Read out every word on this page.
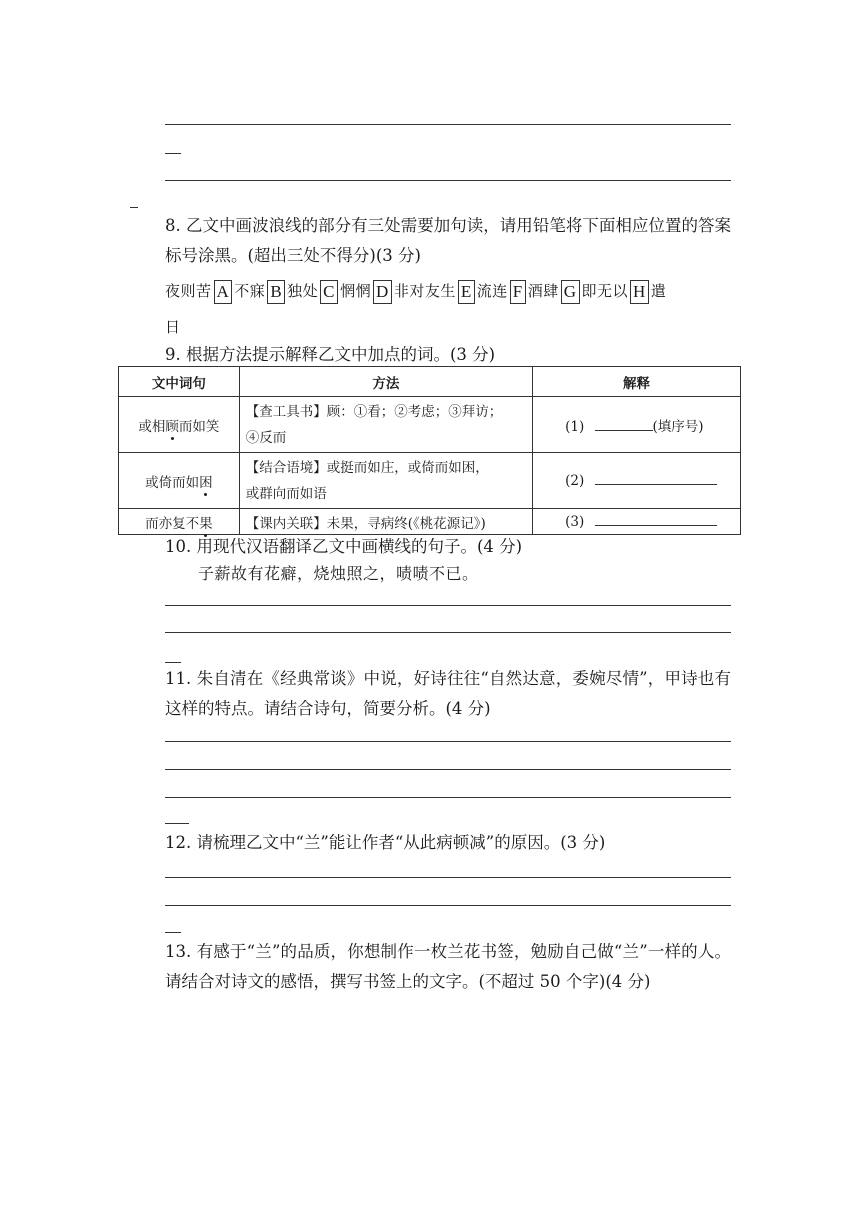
8. 乙文中画波浪线的部分有三处需要加句读，请用铅笔将下面相应位置的答案标号涂黑。(超出三处不得分)(3 分)
夜则苦 A 不寐 B 独处 C 惘惘 D 非对友生 E 流连 F 酒肆 G 即无以 H 遣
日
9. 根据方法提示解释乙文中加点的词。(3 分)
文中词句	方法	解释
或相顾而如笑	【查工具书】顾：①看；②考虑；③拜访；
④反而	(1) (填序号)
或倚而如困	【结合语境】或挺而如庄，或倚而如困，
或群向而如语	(2)
而亦复不果	【课内关联】未果，寻病终(《桃花源记》)	(3)
10. 用现代汉语翻译乙文中画横线的句子。(4 分)
子薪故有花癖，烧烛照之，啧啧不已。
11. 朱自清在《经典常谈》中说，好诗往往“自然达意，委婉尽情”，甲诗也有这样的特点。请结合诗句，简要分析。(4 分)
12. 请梳理乙文中“兰”能让作者“从此病顿减”的原因。(3 分)
13. 有感于“兰”的品质，你想制作一枚兰花书签，勉励自己做“兰”一样的人。请结合对诗文的感悟，撰写书签上的文字。(不超过 50 个字)(4 分)
